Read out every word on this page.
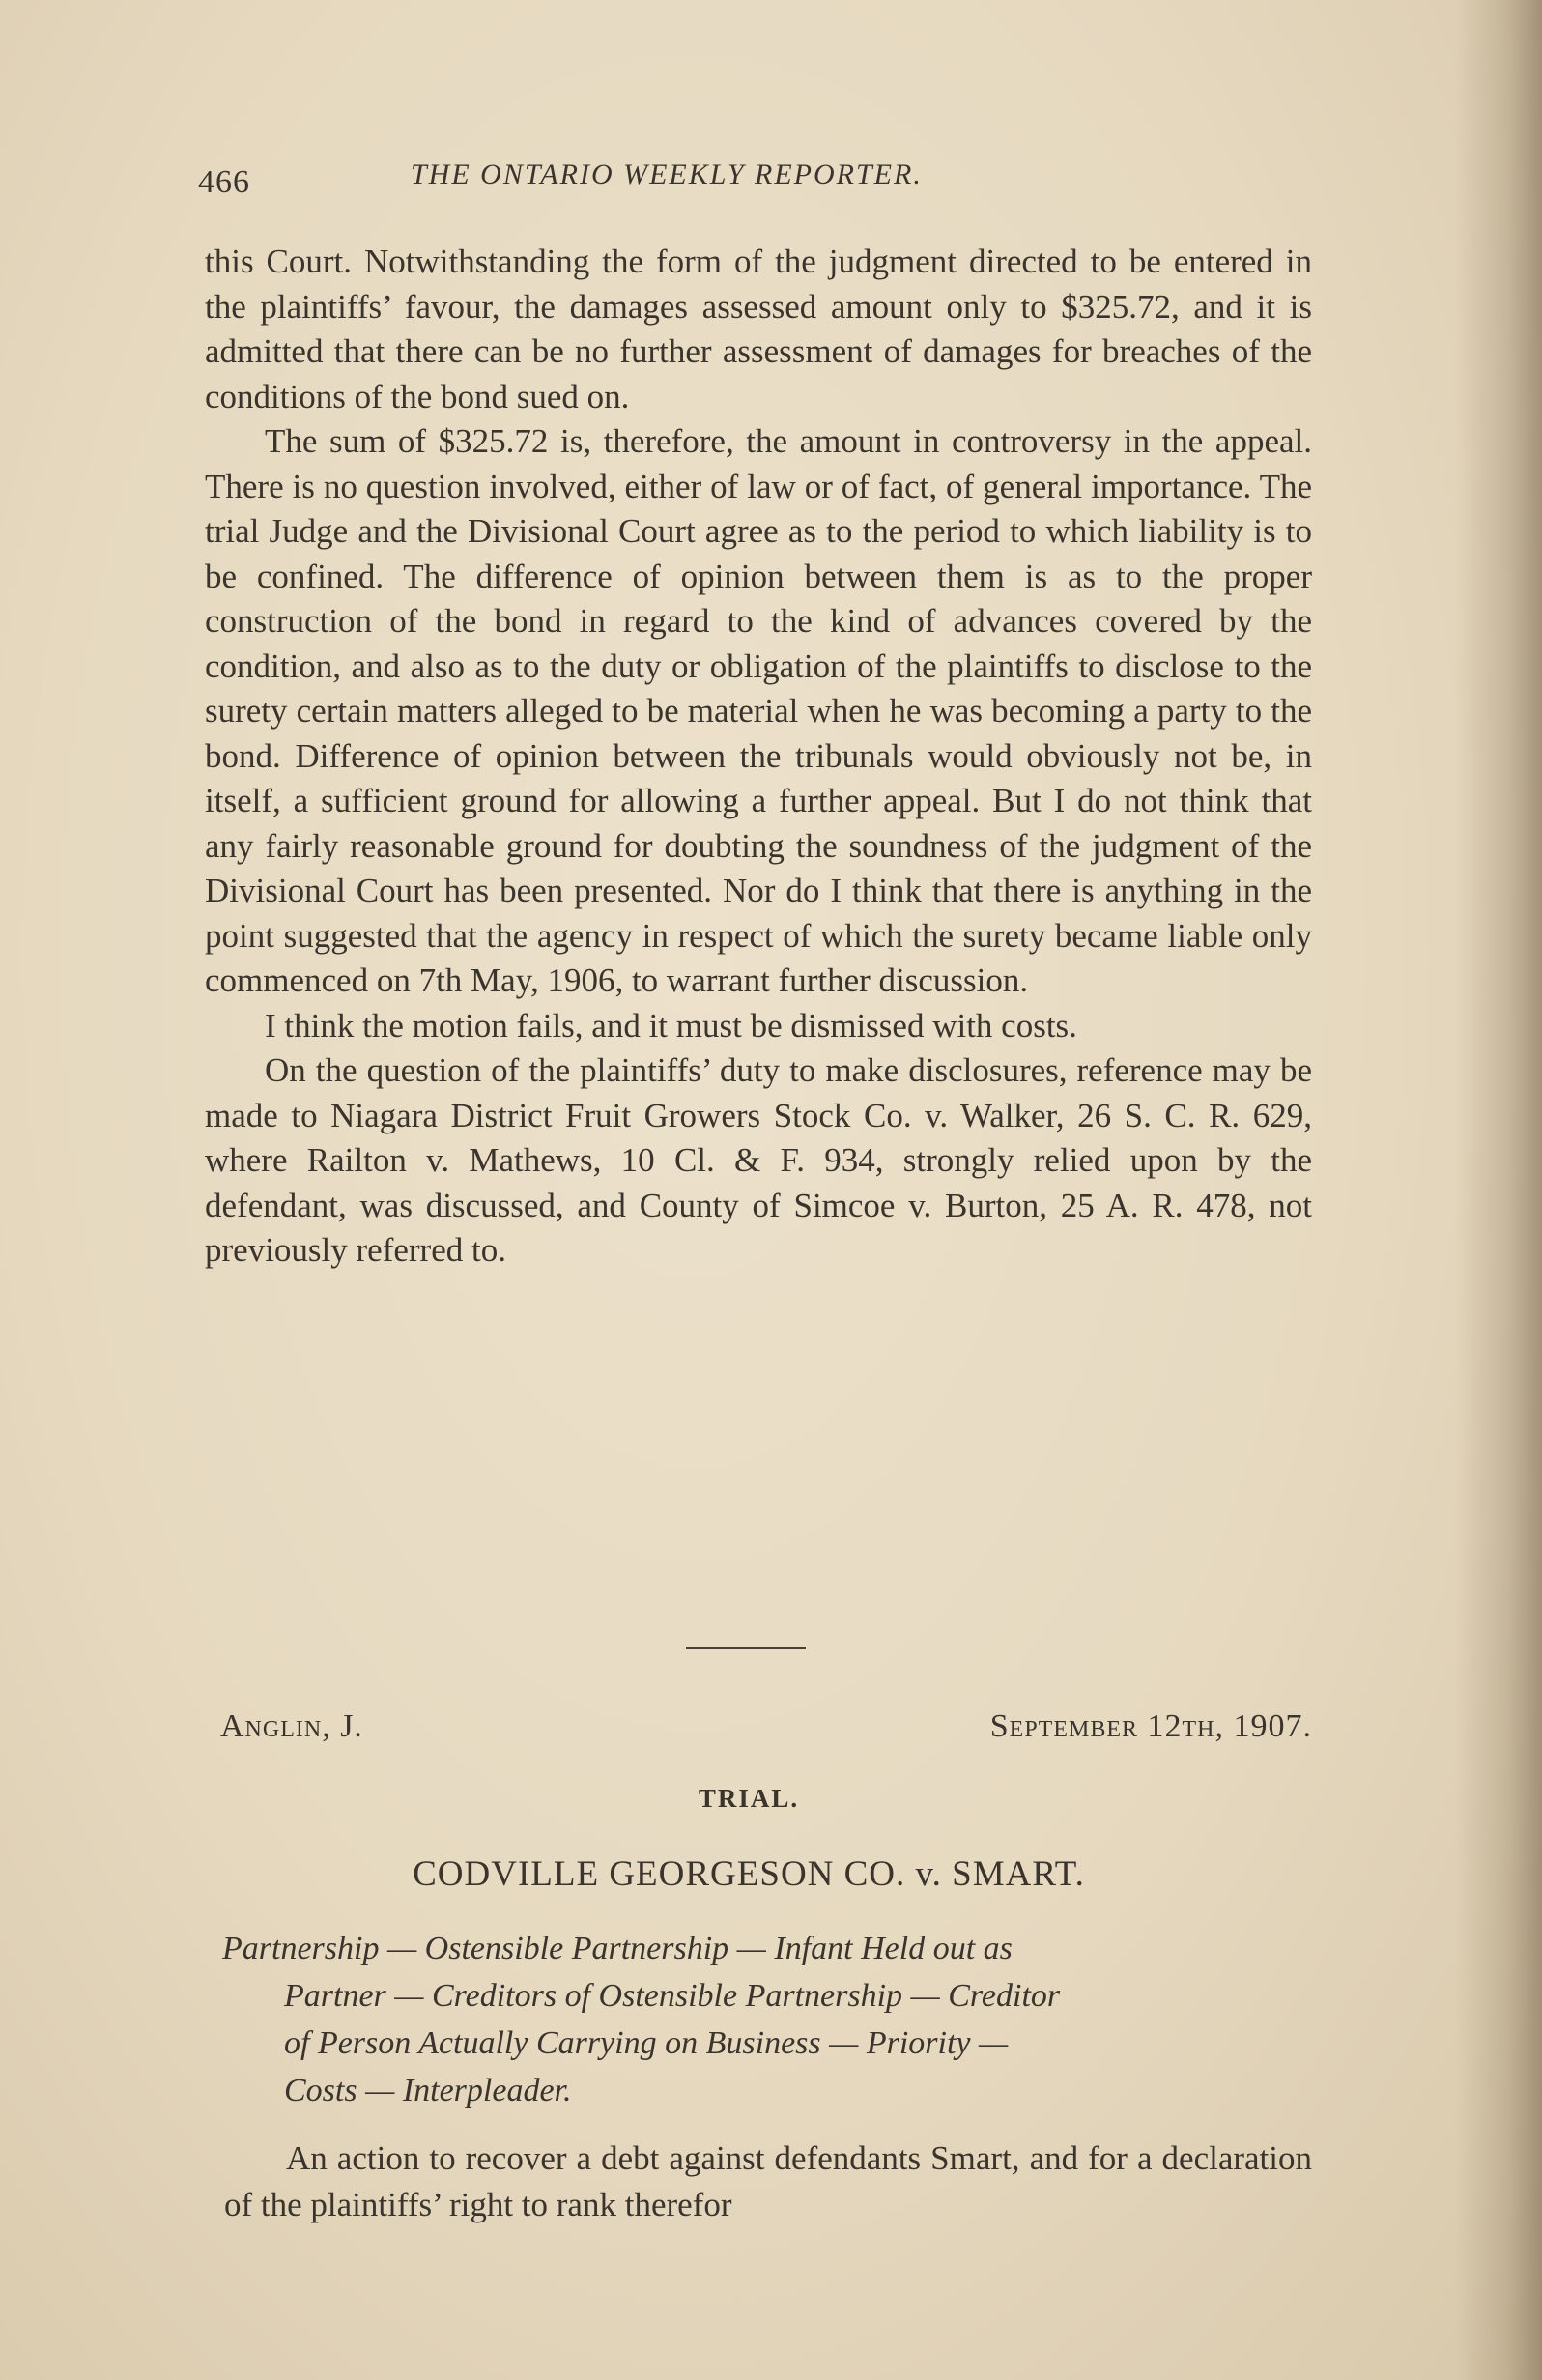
466	THE ONTARIO WEEKLY REPORTER.

this Court. Notwithstanding the form of the judgment directed to be entered in the plaintiffs’ favour, the damages assessed amount only to $325.72, and it is admitted that there can be no further assessment of damages for breaches of the conditions of the bond sued on.

The sum of $325.72 is, therefore, the amount in controversy in the appeal. There is no question involved, either of law or of fact, of general importance. The trial Judge and the Divisional Court agree as to the period to which liability is to be confined. The difference of opinion between them is as to the proper construction of the bond in regard to the kind of advances covered by the condition, and also as to the duty or obligation of the plaintiffs to disclose to the surety certain matters alleged to be material when he was becoming a party to the bond. Difference of opinion between the tribunals would obviously not be, in itself, a sufficient ground for allowing a further appeal. But I do not think that any fairly reasonable ground for doubting the soundness of the judgment of the Divisional Court has been presented. Nor do I think that there is anything in the point suggested that the agency in respect of which the surety became liable only commenced on 7th May, 1906, to warrant further discussion.

I think the motion fails, and it must be dismissed with costs.

On the question of the plaintiffs’ duty to make disclosures, reference may be made to Niagara District Fruit Growers Stock Co. v. Walker, 26 S. C. R. 629, where Railton v. Mathews, 10 Cl. & F. 934, strongly relied upon by the defendant, was discussed, and County of Simcoe v. Burton, 25 A. R. 478, not previously referred to.

Anglin, J.	September 12th, 1907.
TRIAL.
CODVILLE GEORGESON CO. v. SMART.
Partnership — Ostensible Partnership — Infant Held out as
Partner — Creditors of Ostensible Partnership — Creditor
of Person Actually Carrying on Business — Priority —
Costs — Interpleader.
An action to recover a debt against defendants Smart, and for a declaration of the plaintiffs’ right to rank therefor
